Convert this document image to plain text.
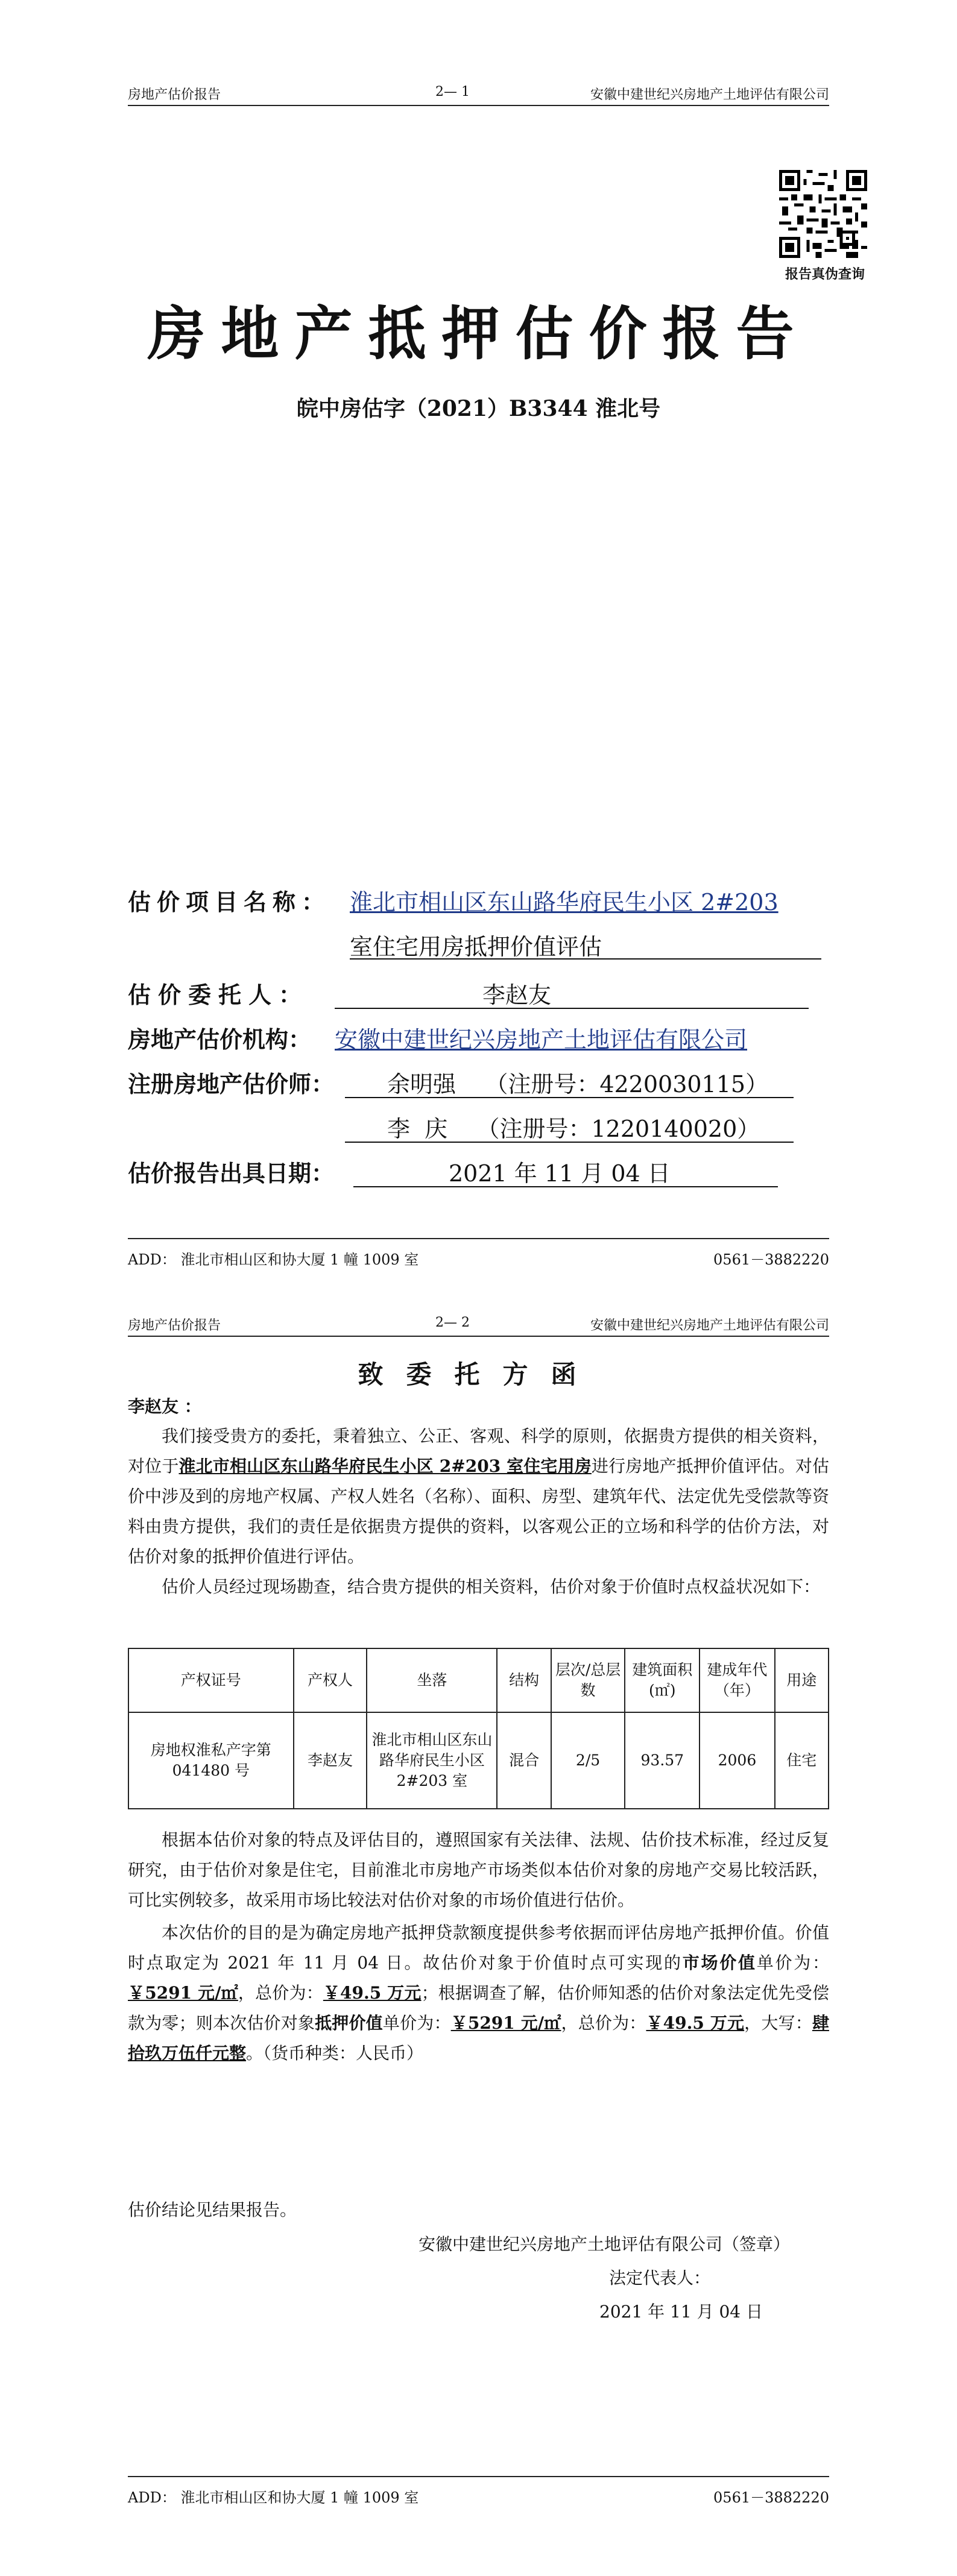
房地产估价报告	2— 1	安徽中建世纪兴房地产土地评估有限公司
报告真伪查询
房地产抵押估价报告
皖中房估字（2021）B3344 淮北号
估价项目名称： 淮北市相山区东山路华府民生小区 2#203
室住宅用房抵押价值评估
估价委托人：	李赵友
房地产估价机构： 安徽中建世纪兴房地产土地评估有限公司
注册房地产估价师： 余明强    （注册号：4220030115）
李  庆    （注册号：1220140020）
估价报告出具日期：	2021 年 11 月 04 日
ADD： 淮北市相山区和协大厦 1 幢 1009 室	0561－3882220
房地产估价报告	2— 2	安徽中建世纪兴房地产土地评估有限公司
致委托方函
李赵友 ：
我们接受贵方的委托，秉着独立、公正、客观、科学的原则，依据贵方提供的相关资料，对位于淮北市相山区东山路华府民生小区 2#203 室住宅用房进行房地产抵押价值评估。对估价中涉及到的房地产权属、产权人姓名（名称）、面积、房型、建筑年代、法定优先受偿款等资料由贵方提供，我们的责任是依据贵方提供的资料，以客观公正的立场和科学的估价方法，对估价对象的抵押价值进行评估。
估价人员经过现场勘查，结合贵方提供的相关资料，估价对象于价值时点权益状况如下：
产权证号	产权人	坐落	结构	层次/总层数	建筑面积(㎡)	建成年代（年）	用途
房地权淮私产字第041480 号	李赵友	淮北市相山区东山路华府民生小区 2#203 室	混合	2/5	93.57	2006	住宅
根据本估价对象的特点及评估目的，遵照国家有关法律、法规、估价技术标准，经过反复研究，由于估价对象是住宅，目前淮北市房地产市场类似本估价对象的房地产交易比较活跃，可比实例较多，故采用市场比较法对估价对象的市场价值进行估价。
本次估价的目的是为确定房地产抵押贷款额度提供参考依据而评估房地产抵押价值。价值时点取定为 2021 年 11 月 04 日。故估价对象于价值时点可实现的市场价值单价为：￥5291 元/㎡，总价为：￥49.5 万元；根据调查了解，估价师知悉的估价对象法定优先受偿款为零；则本次估价对象抵押价值单价为：￥5291 元/㎡，总价为：￥49.5 万元，大写：肆拾玖万伍仟元整。（货币种类：人民币）
估价结论见结果报告。
安徽中建世纪兴房地产土地评估有限公司（签章）
法定代表人：
2021 年 11 月 04 日
ADD： 淮北市相山区和协大厦 1 幢 1009 室	0561－3882220
